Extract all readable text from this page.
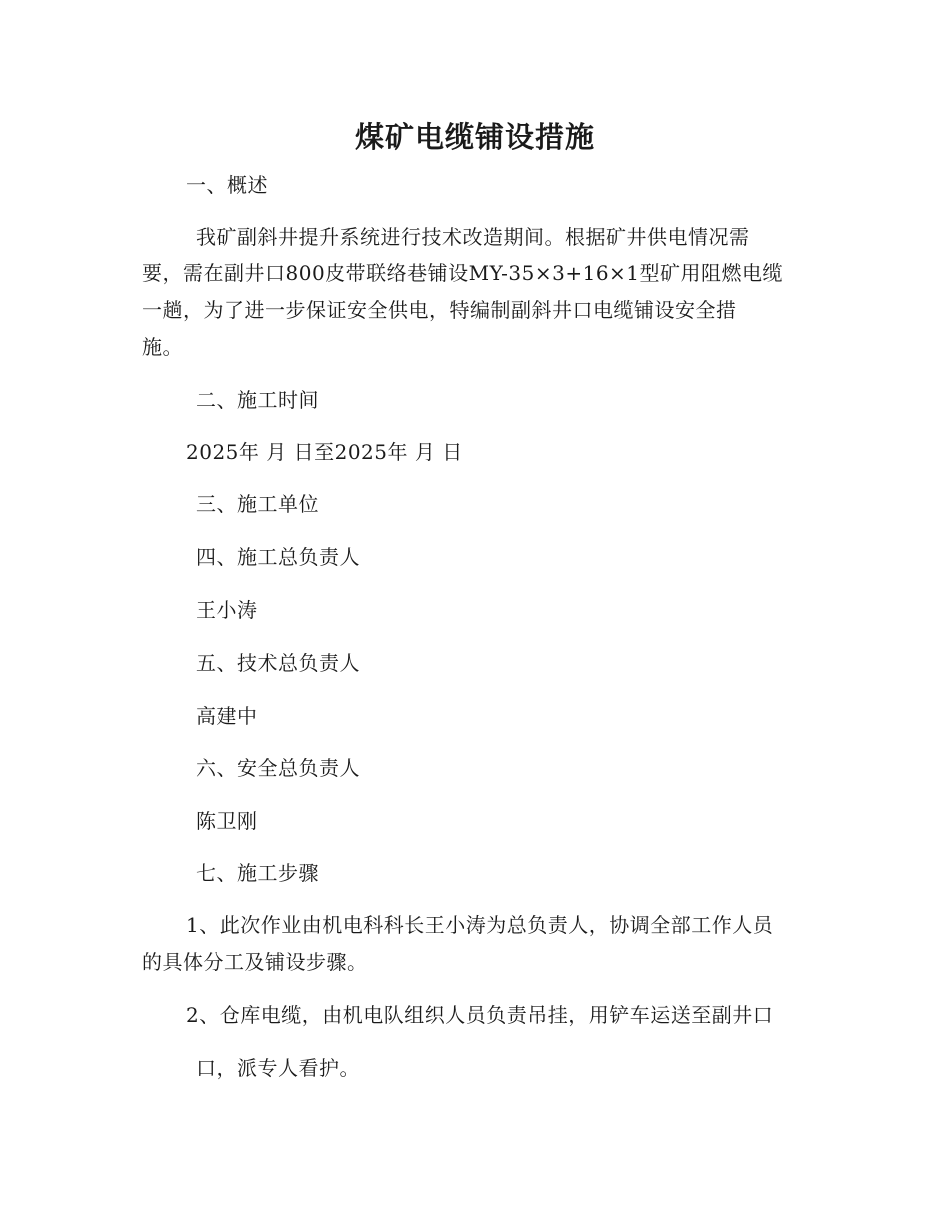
煤矿电缆铺设措施
一、概述
我矿副斜井提升系统进行技术改造期间。根据矿井供电情况需
要，需在副井口800皮带联络巷铺设MY-35×3+16×1型矿用阻燃电缆
一趟，为了进一步保证安全供电，特编制副斜井口电缆铺设安全措
施。
二、施工时间
2025年 月 日至2025年 月 日
三、施工单位
四、施工总负责人
王小涛
五、技术总负责人
高建中
六、安全总负责人
陈卫刚
七、施工步骤
1、此次作业由机电科科长王小涛为总负责人，协调全部工作人员
的具体分工及铺设步骤。
2、仓库电缆，由机电队组织人员负责吊挂，用铲车运送至副井口
口，派专人看护。
